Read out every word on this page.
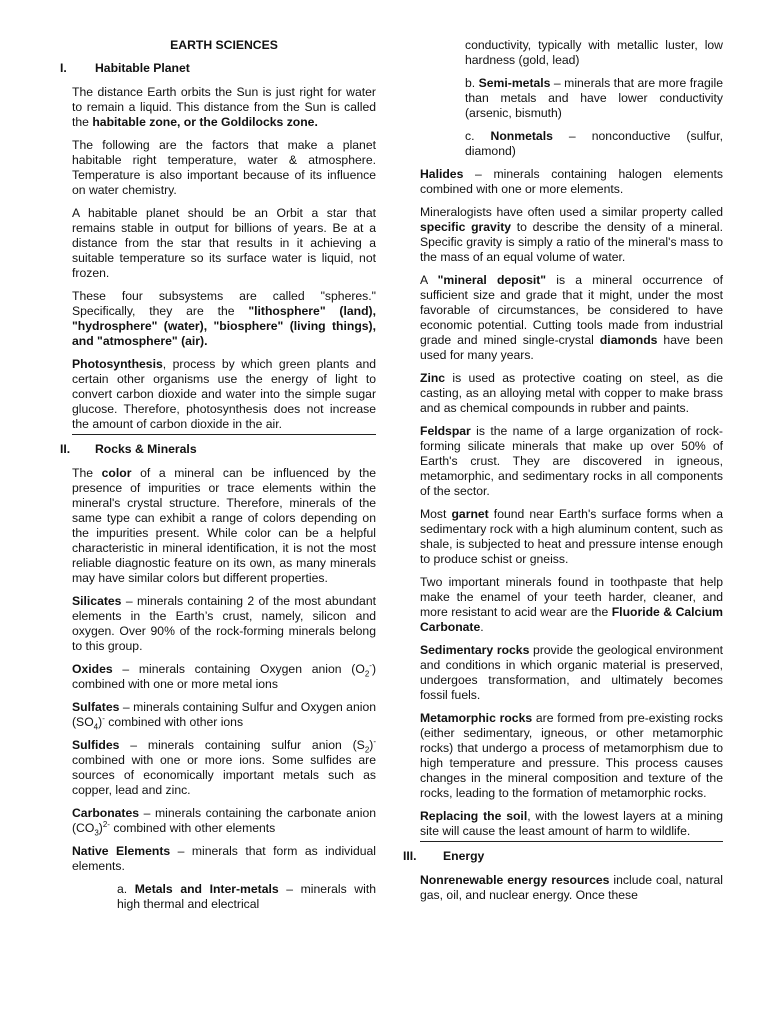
EARTH SCIENCES
I. Habitable Planet

The distance Earth orbits the Sun is just right for water to remain a liquid. This distance from the Sun is called the habitable zone, or the Goldilocks zone.

The following are the factors that make a planet habitable right temperature, water & atmosphere. Temperature is also important because of its influence on water chemistry.

A habitable planet should be an Orbit a star that remains stable in output for billions of years. Be at a distance from the star that results in it achieving a suitable temperature so its surface water is liquid, not frozen.

These four subsystems are called "spheres." Specifically, they are the "lithosphere" (land), "hydrosphere" (water), "biosphere" (living things), and "atmosphere" (air).

Photosynthesis, process by which green plants and certain other organisms use the energy of light to convert carbon dioxide and water into the simple sugar glucose. Therefore, photosynthesis does not increase the amount of carbon dioxide in the air.

II. Rocks & Minerals

The color of a mineral can be influenced by the presence of impurities or trace elements within the mineral's crystal structure. Therefore, minerals of the same type can exhibit a range of colors depending on the impurities present. While color can be a helpful characteristic in mineral identification, it is not the most reliable diagnostic feature on its own, as many minerals may have similar colors but different properties.

Silicates – minerals containing 2 of the most abundant elements in the Earth’s crust, namely, silicon and oxygen. Over 90% of the rock-forming minerals belong to this group.

Oxides – minerals containing Oxygen anion $(O_2^-)$ combined with one or more metal ions

Sulfates – minerals containing Sulfur and Oxygen anion $(SO_4)^-$ combined with other ions

Sulfides – minerals containing sulfur anion $(S_2)^-$ combined with one or more ions. Some sulfides are sources of economically important metals such as copper, lead and zinc.

Carbonates – minerals containing the carbonate anion $(CO_3)^{2-}$ combined with other elements

Native Elements – minerals that form as individual elements.

a. Metals and Inter-metals – minerals with high thermal and electrical

conductivity, typically with metallic luster, low hardness (gold, lead)

b. Semi-metals – minerals that are more fragile than metals and have lower conductivity (arsenic, bismuth)

c. Nonmetals – nonconductive (sulfur, diamond)

Halides – minerals containing halogen elements combined with one or more elements.

Mineralogists have often used a similar property called specific gravity to describe the density of a mineral. Specific gravity is simply a ratio of the mineral's mass to the mass of an equal volume of water.

A "mineral deposit" is a mineral occurrence of sufficient size and grade that it might, under the most favorable of circumstances, be considered to have economic potential. Cutting tools made from industrial grade and mined single-crystal diamonds have been used for many years.

Zinc is used as protective coating on steel, as die casting, as an alloying metal with copper to make brass and as chemical compounds in rubber and paints.

Feldspar is the name of a large organization of rock-forming silicate minerals that make up over 50% of Earth's crust. They are discovered in igneous, metamorphic, and sedimentary rocks in all components of the sector.

Most garnet found near Earth's surface forms when a sedimentary rock with a high aluminum content, such as shale, is subjected to heat and pressure intense enough to produce schist or gneiss.

Two important minerals found in toothpaste that help make the enamel of your teeth harder, cleaner, and more resistant to acid wear are the Fluoride & Calcium Carbonate.

Sedimentary rocks provide the geological environment and conditions in which organic material is preserved, undergoes transformation, and ultimately becomes fossil fuels.

Metamorphic rocks are formed from pre-existing rocks (either sedimentary, igneous, or other metamorphic rocks) that undergo a process of metamorphism due to high temperature and pressure. This process causes changes in the mineral composition and texture of the rocks, leading to the formation of metamorphic rocks.

Replacing the soil, with the lowest layers at a mining site will cause the least amount of harm to wildlife.

III. Energy

Nonrenewable energy resources include coal, natural gas, oil, and nuclear energy. Once these
